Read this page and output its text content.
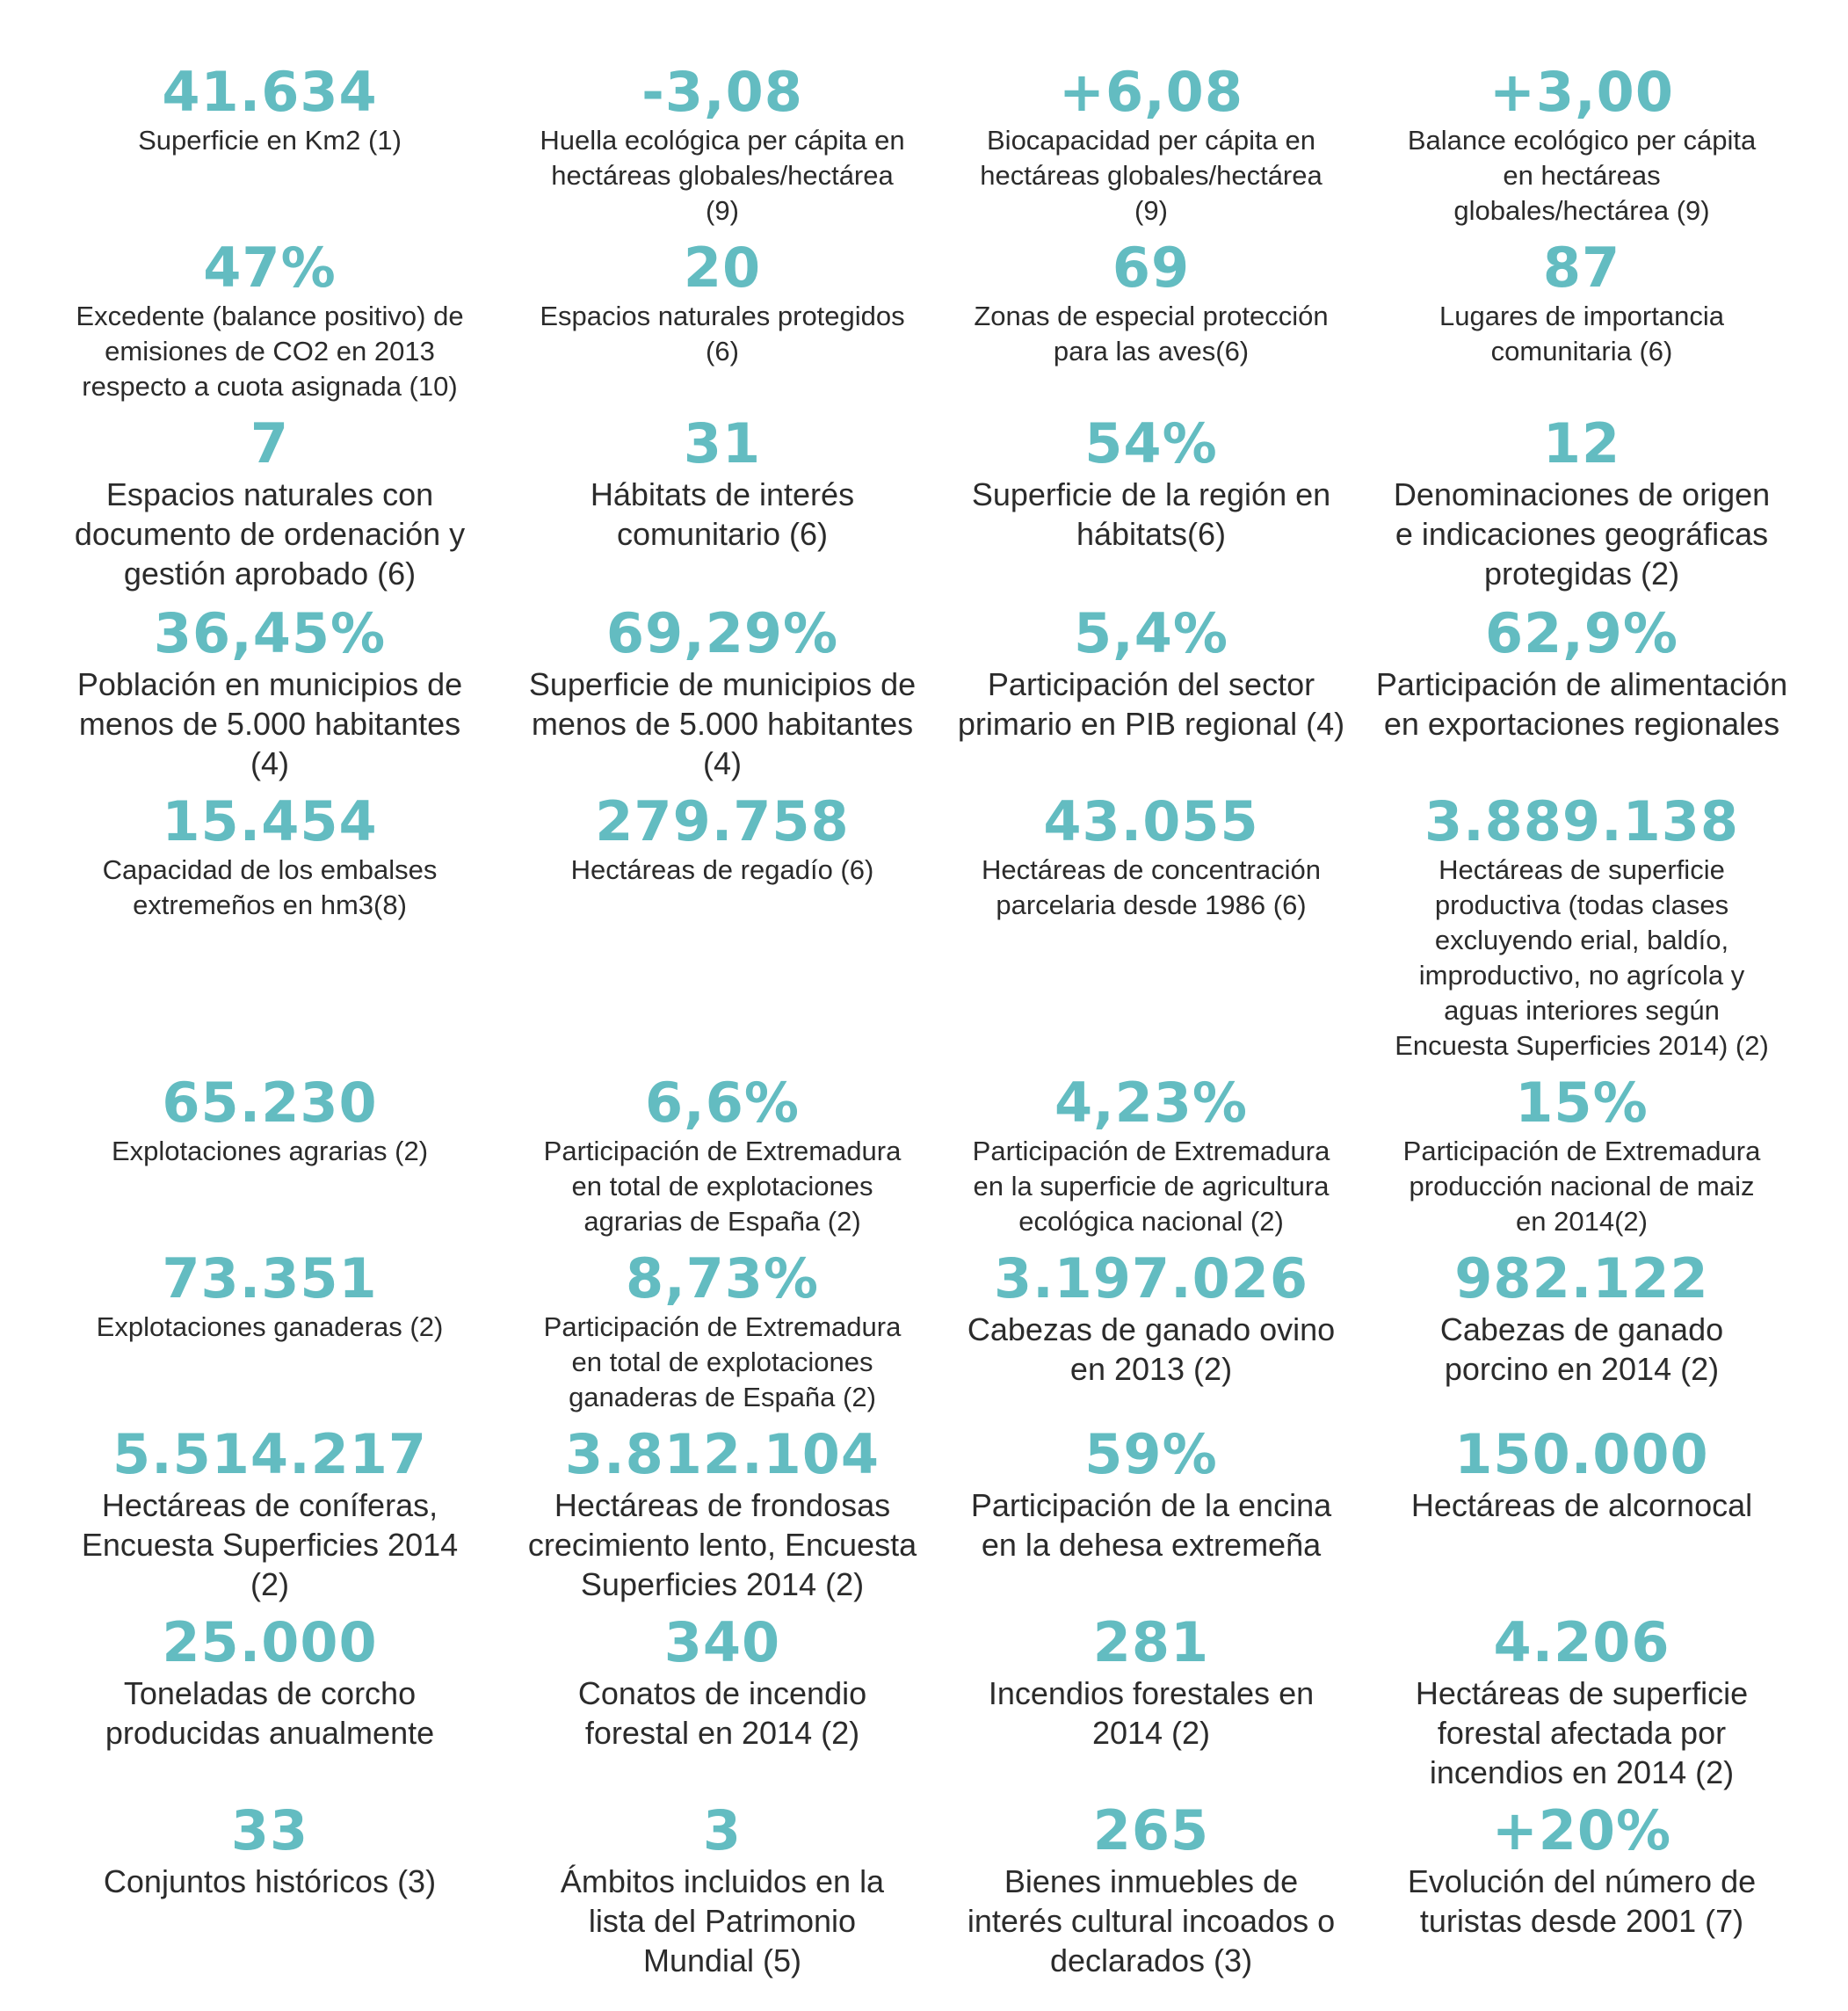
41.634
Superficie en Km2 (1)
-3,08
Huella ecológica per cápita en
hectáreas globales/hectárea
(9)
+6,08
Biocapacidad per cápita en
hectáreas globales/hectárea
(9)
+3,00
Balance ecológico per cápita
en hectáreas
globales/hectárea (9)
47%
Excedente (balance positivo) de
emisiones de CO2 en 2013
respecto a cuota asignada (10)
20
Espacios naturales protegidos
(6)
69
Zonas de especial protección
para las aves(6)
87
Lugares de importancia
comunitaria (6)
7
Espacios naturales con
documento de ordenación y
gestión aprobado (6)
31
Hábitats de interés
comunitario (6)
54%
Superficie de la región en
hábitats(6)
12
Denominaciones de origen
e indicaciones geográficas
protegidas (2)
36,45%
Población en municipios de
menos de 5.000 habitantes
(4)
69,29%
Superficie de municipios de
menos de 5.000 habitantes (4)
5,4%
Participación del sector
primario en PIB regional (4)
62,9%
Participación de alimentación
en exportaciones regionales
15.454
Capacidad de los embalses
extremeños en hm3(8)
279.758
Hectáreas de regadío (6)
43.055
Hectáreas de concentración
parcelaria desde 1986 (6)
3.889.138
Hectáreas de superficie
productiva (todas clases
excluyendo erial, baldío,
improductivo, no agrícola y
aguas interiores según
Encuesta Superficies 2014) (2)
65.230
Explotaciones agrarias (2)
6,6%
Participación de Extremadura
en total de explotaciones
agrarias de España (2)
4,23%
Participación de Extremadura
en la superficie de agricultura
ecológica nacional (2)
15%
Participación de Extremadura
producción nacional de maiz
en 2014(2)
73.351
Explotaciones ganaderas (2)
8,73%
Participación de Extremadura
en total de explotaciones
ganaderas de España (2)
3.197.026
Cabezas de ganado ovino
en 2013 (2)
982.122
Cabezas de ganado
porcino en 2014 (2)
5.514.217
Hectáreas de coníferas,
Encuesta Superficies 2014 (2)
3.812.104
Hectáreas de frondosas
crecimiento lento, Encuesta
Superficies 2014 (2)
59%
Participación de la encina
en la dehesa extremeña
150.000
Hectáreas de alcornocal
25.000
Toneladas de corcho
producidas anualmente
340
Conatos de incendio
forestal en 2014 (2)
281
Incendios forestales en
2014 (2)
4.206
Hectáreas de superficie
forestal afectada por
incendios en 2014 (2)
33
Conjuntos históricos (3)
3
Ámbitos incluidos en la
lista del Patrimonio
Mundial (5)
265
Bienes inmuebles de
interés cultural incoados o
declarados (3)
+20%
Evolución del número de
turistas desde 2001 (7)
